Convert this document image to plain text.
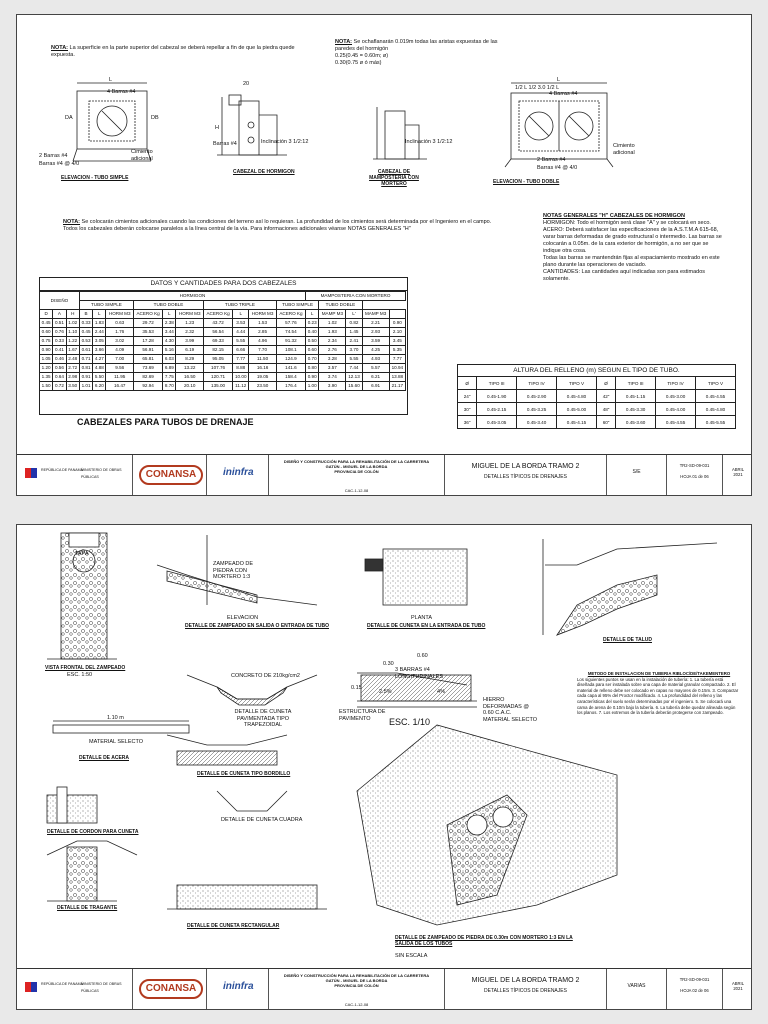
NOTA: La superficie en la parte superior del cabezal se deberá repellar a fin de que la piedra quede expuesta.
NOTA: Se ochaflanarán 0.019m todas las aristas expuestas de las paredes del hormigón
0.25(0.45 = 0.60m; ø)
0.30(0.75 ø ó más)
4 Barras #4
L
DA	DB
2 Barras #4
Barras #4 @ 4/0
Cimiento adicional
ELEVACION - TUBO SIMPLE
20
H
Barras #4	Inclinación 3 1/2:12
CABEZAL DE HORMIGON
Inclinación 3 1/2:12
CABEZAL DE MAMPOSTERIA CON MORTERO
L
1/2 L 1/2 3.0 1/2 L
4 Barras #4
2 Barras #4
Barras #4 @ 4/0
Cimiento adicional
ELEVACION - TUBO DOBLE
NOTA: Se colocarán cimientos adicionales cuando las condiciones del terreno así lo requieran. La profundidad de los cimientos será determinada por el Ingeniero en el campo. Todos los cabezales deberán colocarse paralelos a la línea central de la vía. Para informaciones adicionales véanse NOTAS GENERALES "H"
NOTAS GENERALES "H" CABEZALES DE HORMIGON
HORMIGON: Todo el hormigón será clase "A" y se colocará en seco.
ACERO: Deberá satisfacer las especificaciones de la A.S.T.M.A 615-68, varar barras deformadas de grado estructural o intermedio. Las barras se colocarán a 0.05m. de la cara exterior de hormigón, a no ser que se indique otra cosa.
Todas las barras se mantendrán fijas al espaciamiento mostrado en este plano durante las operaciones de vaciado.
CANTIDADES: Las cantidades aquí indicadas son para estimados solamente.
DATOS Y CANTIDADES PARA DOS CABEZALES
DISEÑO			HORMIGON										MAMPOSTERIA CON MORTERO				
			TUBO SIMPLE			TUBO DOBLE			TUBO TRIPLE			TUBO SIMPLE		TUBO DOBLE			
D	A	H	B	L	HORM M3	ACERO Kg	L	HORM M3	ACERO Kg	L	HORM M3	ACERO Kg	L	MAMP M3	L'	MAMP M3	
0.45	0.51	1.02	0.33	1.83	0.63	29.72	2.38	1.23	43.72	3.53	1.53	57.76	0.23	1.02	0.82	2.21	0.90
0.60	0.76	1.10	0.45	2.44	1.76	35.53	3.44	2.32	56.54	4.44	2.85	74.54	0.40	1.93	1.45	2.93	2.10
0.75	0.33	1.22	0.53	3.05	3.02	17.28	4.30	3.99	69.33	5.55	4.96	91.32	0.50	2.34	2.41	3.59	3.45
0.90	0.41	1.67	0.61	3.66	4.09	56.91	5.16	6.19	82.15	6.66	7.70	108.1	0.60	2.76	3.70	4.25	5.35
1.05	0.46	2.48	0.71	4.27	7.00	65.81	6.03	8.29	95.05	7.77	11.50	124.9	0.70	3.28	5.55	4.93	7.77
1.20	0.56	2.72	0.81	4.88	9.56	73.69	6.89	13.22	107.76	8.88	16.16	141.6	0.80	3.57	7.44	5.57	10.94
1.35	0.64	2.98	0.91	5.50	11.95	82.69	7.75	16.50	120.71	10.00	19.05	158.4	0.90	3.74	12.13	6.21	13.88
1.50	0.72	3.50	1.01	6.20	16.47	92.94	8.70	20.10	135.00	11.12	23.50	176.4	1.00	3.90	15.60	6.91	21.17
CABEZALES PARA TUBOS DE DRENAJE
ALTURA DEL RELLENO (m) SEGUN EL TIPO DE TUBO.
Ø	TIPO III	TIPO IV	TIPO V	Ø	TIPO III	TIPO IV	TIPO V
24"	0.45-1.90	0.45-2.90	0.45-4.80	42"	0.45-1.15	0.45-3.00	0.45-4.55
30"	0.45-2.15	0.45-3.25	0.45-5.00	48"	0.45-3.30	0.45-4.00	0.45-4.80
36"	0.45-3.05	0.45-3.40	0.45-4.15	60"	0.45-3.60	0.45-4.55	0.45-5.55
REPÚBLICA DE PANAMÁ
MINISTERIO DE OBRAS PÚBLICAS	CONANSA	ininfra
DISEÑO Y CONSTRUCCIÓN PARA LA REHABILITACIÓN DE LA CARRETERA
GATÚN - MIGUEL DE LA BORDA
PROVINCIA DE COLÓN
CAC-1-12-08
MIGUEL DE LA BORDA TRAMO 2
DETALLES TÍPICOS DE DRENAJES
S/E
TR2-SD-09-031
HOJA 01 de 06
ABRIL
2021
TAPA
VISTA FRONTAL DEL ZAMPEADO
ESC. 1:50
ZAMPEADO DE PIEDRA CON MORTERO 1:3
ELEVACION
DETALLE DE ZAMPEADO EN SALIDA O ENTRADA DE TUBO
PLANTA
DETALLE DE CUNETA EN LA ENTRADA DE TUBO
DETALLE DE TALUD
CONCRETO DE 210kg/cm2
DETALLE DE CUNETA PAVIMENTADA TIPO TRAPEZOIDAL
0.60
0.30
0.15
2.5%	4%
3 BARRAS #4 LONGITUDINALES
ESTRUCTURA DE PAVIMENTO
HIERRO DEFORMADAS @ 0.60 C.A.C.
MATERIAL SELECTO
ESC. 1/10
1.10 m
MATERIAL SELECTO
DETALLE DE ACERA
DETALLE DE CUNETA TIPO BORDILLO
DETALLE DE CORDON PARA CUNETA
DETALLE DE CUNETA CUADRA
DETALLE DE TRAGANTE
DETALLE DE CUNETA RECTANGULAR
METODO DE INSTALACION DE TUBERIA RIBLOC/DE/TAKEMENTERO
Los siguientes puntos se usan en la instalación de tubería: 1. La tubería está diseñada para ser instalada sobre una capa de material granular compactado. 2. El material de relleno debe ser colocado en capas no mayores de 0.15m. 3. Compactar cada capa al 95% del Proctor modificado. 4. La profundidad del relleno y las características del suelo serán determinadas por el ingeniero. 5. Se colocará una cama de arena de 0.10m bajo la tubería. 6. La tubería debe quedar alineada según los planos. 7. Los extremos de la tubería deberán protegerse con zampeado.
DETALLE DE ZAMPEADO DE PIEDRA DE 0.30m CON MORTERO 1:3 EN LA SALIDA DE LOS TUBOS
SIN ESCALA
REPÚBLICA DE PANAMÁ
MINISTERIO DE OBRAS PÚBLICAS	CONANSA	ininfra
DISEÑO Y CONSTRUCCIÓN PARA LA REHABILITACIÓN DE LA CARRETERA
GATÚN - MIGUEL DE LA BORDA
PROVINCIA DE COLÓN
CAC-1-12-08
MIGUEL DE LA BORDA TRAMO 2
DETALLES TÍPICOS DE DRENAJES
VARIAS
TR2-SD-09-031
HOJA 02 de 06
ABRIL
2021
